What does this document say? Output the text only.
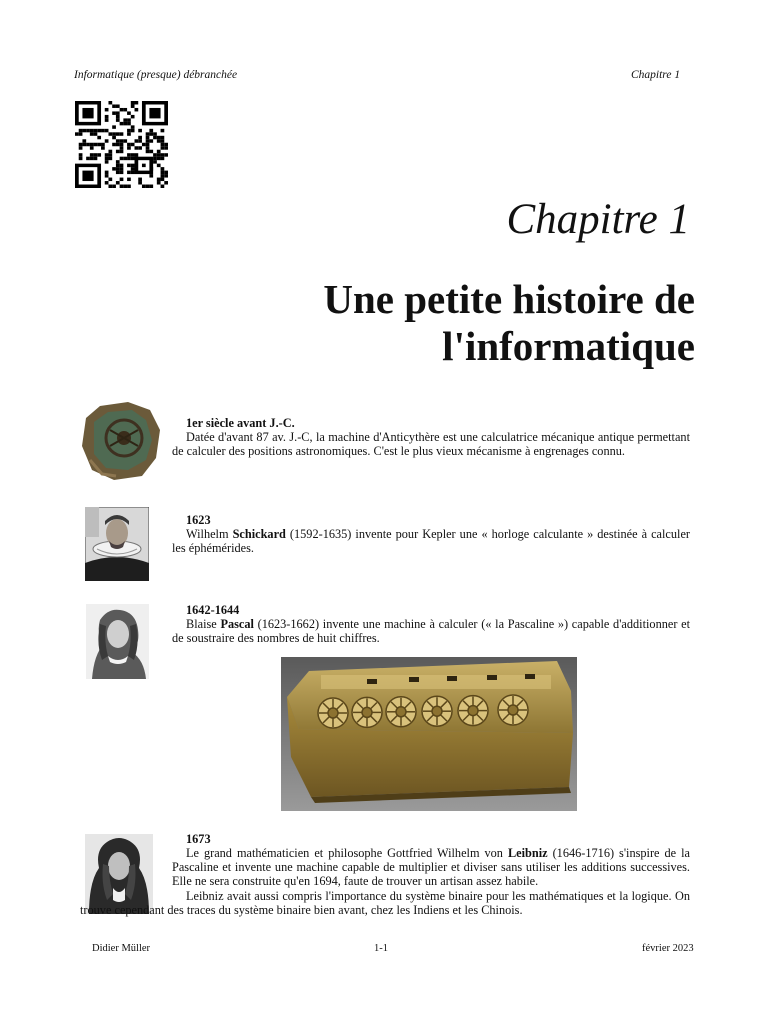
Informatique (presque) débranchée	Chapitre 1
Chapitre 1
Une petite histoire de
l'informatique
1er siècle avant J.-C.

Datée d'avant 87 av. J.-C, la machine d'Anticythère est une calculatrice mécanique antique permettant de calculer des positions astronomiques. C'est le plus vieux mécanisme à engrenages connu.

1623

Wilhelm Schickard (1592-1635) invente pour Kepler une « horloge calculante » destinée à calculer les éphémérides.

1642-1644

Blaise Pascal (1623-1662) invente une machine à calculer (« la Pascaline ») capable d'additionner et de soustraire des nombres de huit chiffres.

1673

Le grand mathématicien et philosophe Gottfried Wilhelm von Leibniz (1646-1716) s'inspire de la Pascaline et invente une machine capable de multiplier et diviser sans utiliser les additions successives. Elle ne sera construite qu'en 1694, faute de trouver un artisan assez habile.

Leibniz avait aussi compris l'importance du système binaire pour les mathématiques et la logique. On trouve cependant des traces du système binaire bien avant, chez les Indiens et les Chinois.

Didier Müller	1-1	février 2023
